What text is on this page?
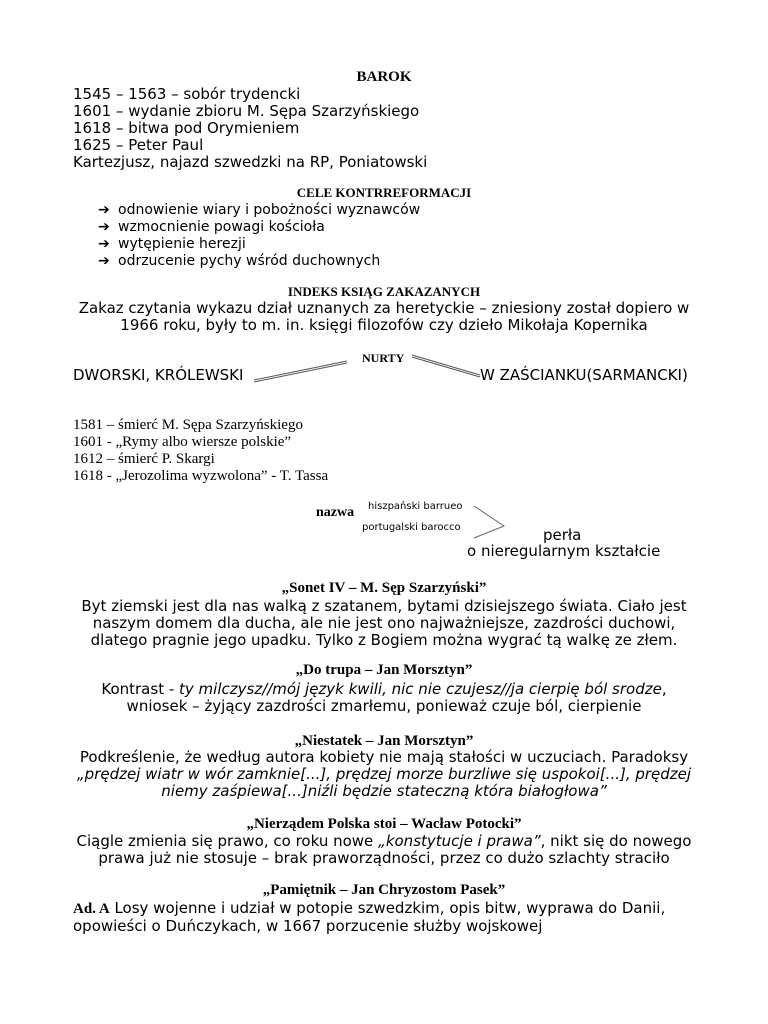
BAROK
1545 – 1563 – sobór trydencki
1601 – wydanie zbioru M. Sępa Szarzyńskiego
1618 – bitwa pod Orymieniem
1625 – Peter Paul
Kartezjusz, najazd szwedzki na RP, Poniatowski
CELE KONTRREFORMACJI
➔ odnowienie wiary i pobożności wyznawców
➔ wzmocnienie powagi kościoła
➔ wytępienie herezji
➔ odrzucenie pychy wśród duchownych
INDEKS KSIĄG ZAKAZANYCH
Zakaz czytania wykazu dział uznanych za heretyckie – zniesiony został dopiero w 1966 roku, były to m. in. księgi filozofów czy dzieło Mikołaja Kopernika
NURTY
DWORSKI, KRÓLEWSKI	W ZAŚCIANKU(SARMANCKI)
1581 – śmierć M. Sępa Szarzyńskiego
1601 - „Rymy albo wiersze polskie”
1612 – śmierć P. Skargi
1618 - „Jerozolima wyzwolona” - T. Tassa
nazwa hiszpański barrueo
portugalski barocco	perła
o nieregularnym kształcie
„Sonet IV – M. Sęp Szarzyński”
Byt ziemski jest dla nas walką z szatanem, bytami dzisiejszego świata. Ciało jest naszym domem dla ducha, ale nie jest ono najważniejsze, zazdrości duchowi, dlatego pragnie jego upadku. Tylko z Bogiem można wygrać tą walkę ze złem.
„Do trupa – Jan Morsztyn”
Kontrast - ty milczysz//mój język kwili, nic nie czujesz//ja cierpię ból srodze, wniosek – żyjący zazdrości zmarłemu, ponieważ czuje ból, cierpienie
„Niestatek – Jan Morsztyn”
Podkreślenie, że według autora kobiety nie mają stałości w uczuciach. Paradoksy „prędzej wiatr w wór zamknie[...], prędzej morze burzliwe się uspokoi[...], prędzej niemy zaśpiewa[...]niźli będzie stateczną która białogłowa”
„Nierządem Polska stoi – Wacław Potocki”
Ciągle zmienia się prawo, co roku nowe „konstytucje i prawa”, nikt się do nowego prawa już nie stosuje – brak praworządności, przez co dużo szlachty straciło
„Pamiętnik – Jan Chryzostom Pasek”
Ad. A Losy wojenne i udział w potopie szwedzkim, opis bitw, wyprawa do Danii, opowieści o Duńczykach, w 1667 porzucenie służby wojskowej
